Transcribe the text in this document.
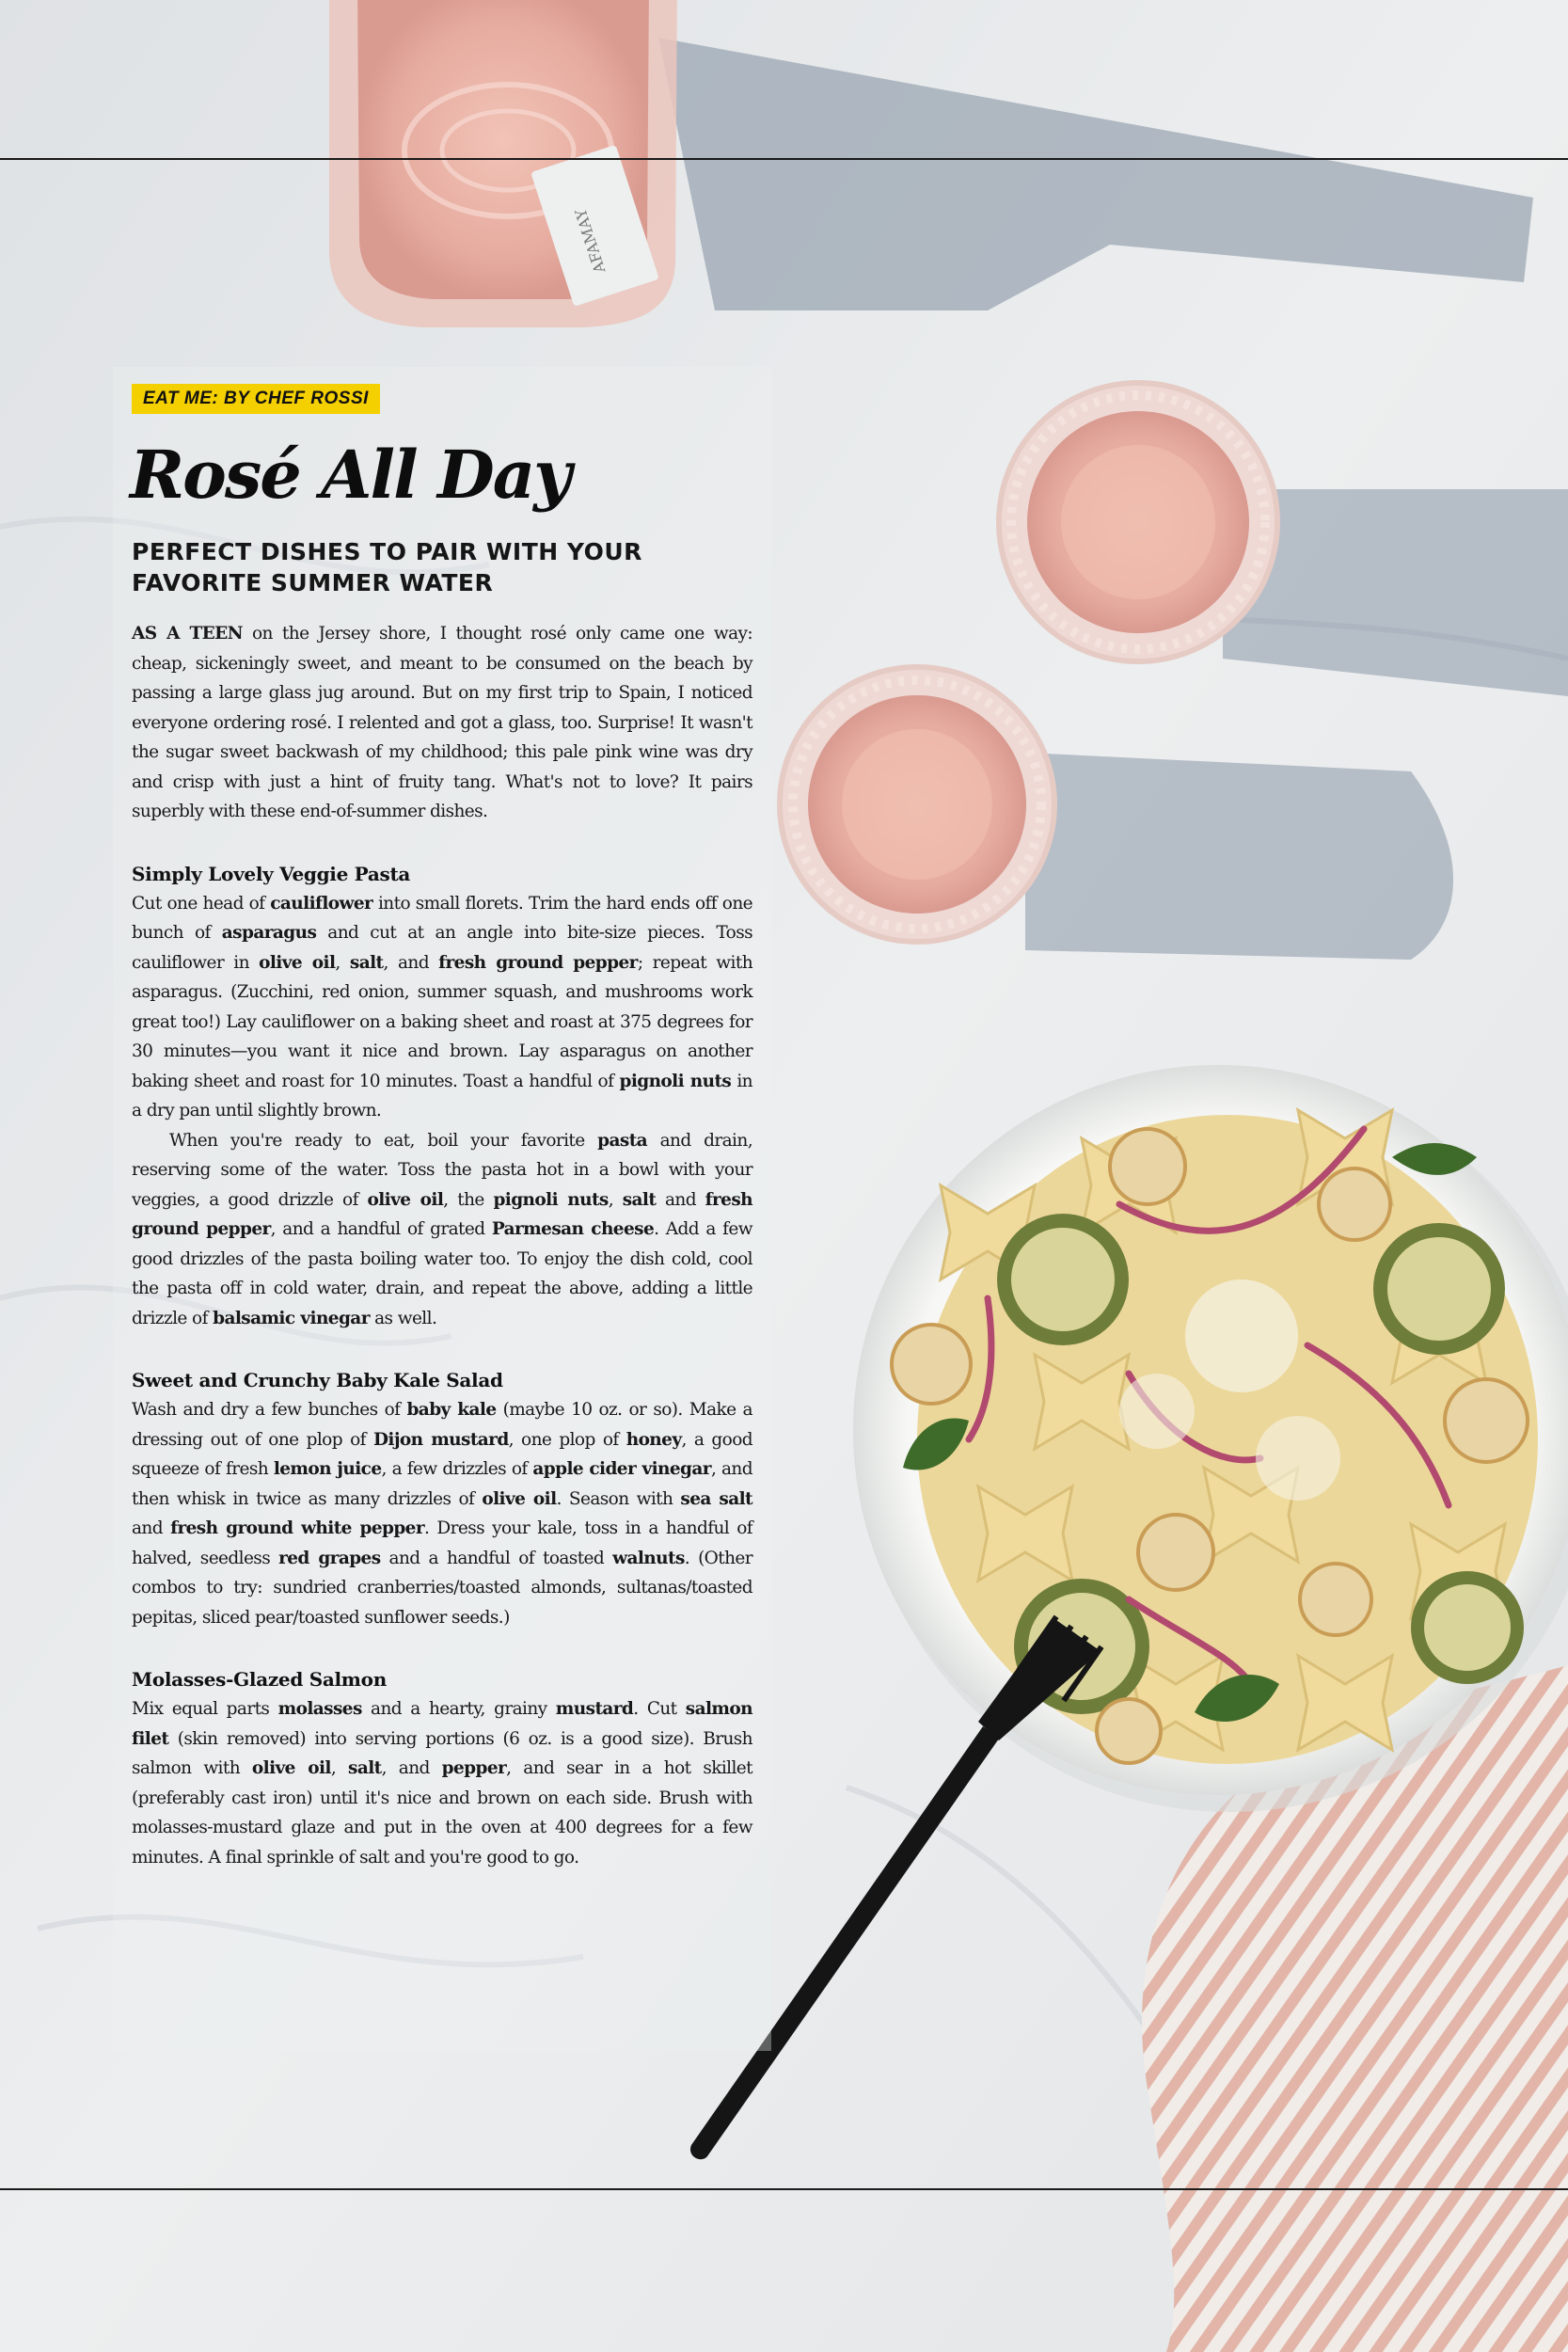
AFAMAY
EAT ME: BY CHEF ROSSI
Rosé All Day
PERFECT DISHES TO PAIR WITH YOUR FAVORITE SUMMER WATER

AS A TEEN on the Jersey shore, I thought rosé only came one way: cheap, sickeningly sweet, and meant to be consumed on the beach by passing a large glass jug around. But on my first trip to Spain, I noticed everyone ordering rosé. I relented and got a glass, too. Surprise! It wasn't the sugar sweet backwash of my childhood; this pale pink wine was dry and crisp with just a hint of fruity tang. What's not to love? It pairs superbly with these end-of-summer dishes.

Simply Lovely Veggie Pasta

Cut one head of cauliflower into small florets. Trim the hard ends off one bunch of asparagus and cut at an angle into bite-size pieces. Toss cauliflower in olive oil, salt, and fresh ground pepper; repeat with asparagus. (Zucchini, red onion, summer squash, and mushrooms work great too!) Lay cauliflower on a baking sheet and roast at 375 degrees for 30 minutes—you want it nice and brown. Lay asparagus on another baking sheet and roast for 10 minutes. Toast a handful of pignoli nuts in a dry pan until slightly brown.

When you're ready to eat, boil your favorite pasta and drain, reserving some of the water. Toss the pasta hot in a bowl with your veggies, a good drizzle of olive oil, the pignoli nuts, salt and fresh ground pepper, and a handful of grated Parmesan cheese. Add a few good drizzles of the pasta boiling water too. To enjoy the dish cold, cool the pasta off in cold water, drain, and repeat the above, adding a little drizzle of balsamic vinegar as well.

Sweet and Crunchy Baby Kale Salad

Wash and dry a few bunches of baby kale (maybe 10 oz. or so). Make a dressing out of one plop of Dijon mustard, one plop of honey, a good squeeze of fresh lemon juice, a few drizzles of apple cider vinegar, and then whisk in twice as many drizzles of olive oil. Season with sea salt and fresh ground white pepper. Dress your kale, toss in a handful of halved, seedless red grapes and a handful of toasted walnuts. (Other combos to try: sundried cranberries/toasted almonds, sultanas/toasted pepitas, sliced pear/toasted sunflower seeds.)

Molasses-Glazed Salmon

Mix equal parts molasses and a hearty, grainy mustard. Cut salmon filet (skin removed) into serving portions (6 oz. is a good size). Brush salmon with olive oil, salt, and pepper, and sear in a hot skillet (preferably cast iron) until it's nice and brown on each side. Brush with molasses-mustard glaze and put in the oven at 400 degrees for a few minutes. A final sprinkle of salt and you're good to go.
